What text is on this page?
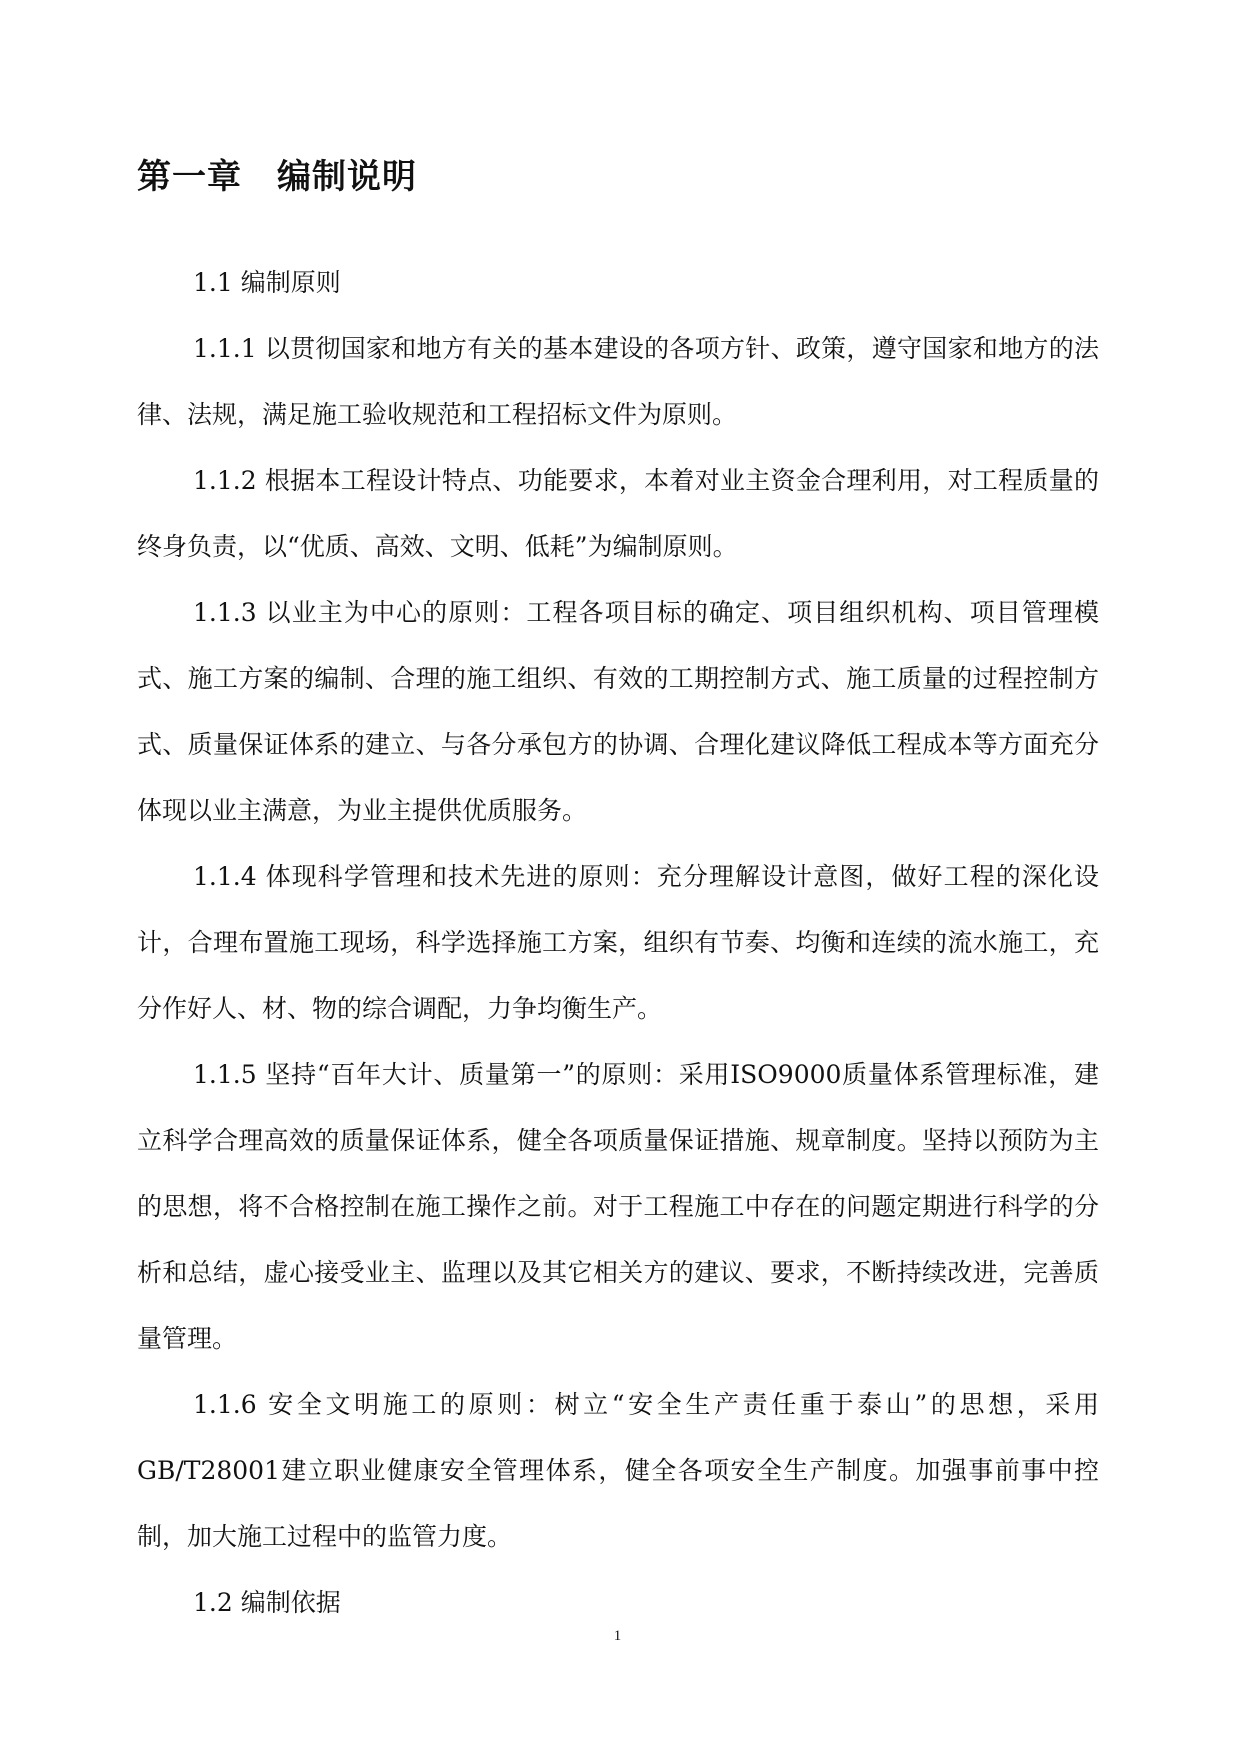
第一章　编制说明

1.1 编制原则

1.1.1 以贯彻国家和地方有关的基本建设的各项方针、政策，遵守国家和地方的法律、法规，满足施工验收规范和工程招标文件为原则。

1.1.2 根据本工程设计特点、功能要求，本着对业主资金合理利用，对工程质量的终身负责，以“优质、高效、文明、低耗”为编制原则。

1.1.3 以业主为中心的原则：工程各项目标的确定、项目组织机构、项目管理模式、施工方案的编制、合理的施工组织、有效的工期控制方式、施工质量的过程控制方式、质量保证体系的建立、与各分承包方的协调、合理化建议降低工程成本等方面充分体现以业主满意，为业主提供优质服务。

1.1.4 体现科学管理和技术先进的原则：充分理解设计意图，做好工程的深化设计，合理布置施工现场，科学选择施工方案，组织有节奏、均衡和连续的流水施工，充分作好人、材、物的综合调配，力争均衡生产。

1.1.5 坚持“百年大计、质量第一”的原则：采用ISO9000质量体系管理标准，建立科学合理高效的质量保证体系，健全各项质量保证措施、规章制度。坚持以预防为主的思想，将不合格控制在施工操作之前。对于工程施工中存在的问题定期进行科学的分析和总结，虚心接受业主、监理以及其它相关方的建议、要求，不断持续改进，完善质量管理。

1.1.6 安全文明施工的原则：树立“安全生产责任重于泰山”的思想，采用GB/T28001建立职业健康安全管理体系，健全各项安全生产制度。加强事前事中控制，加大施工过程中的监管力度。

1.2 编制依据

1
